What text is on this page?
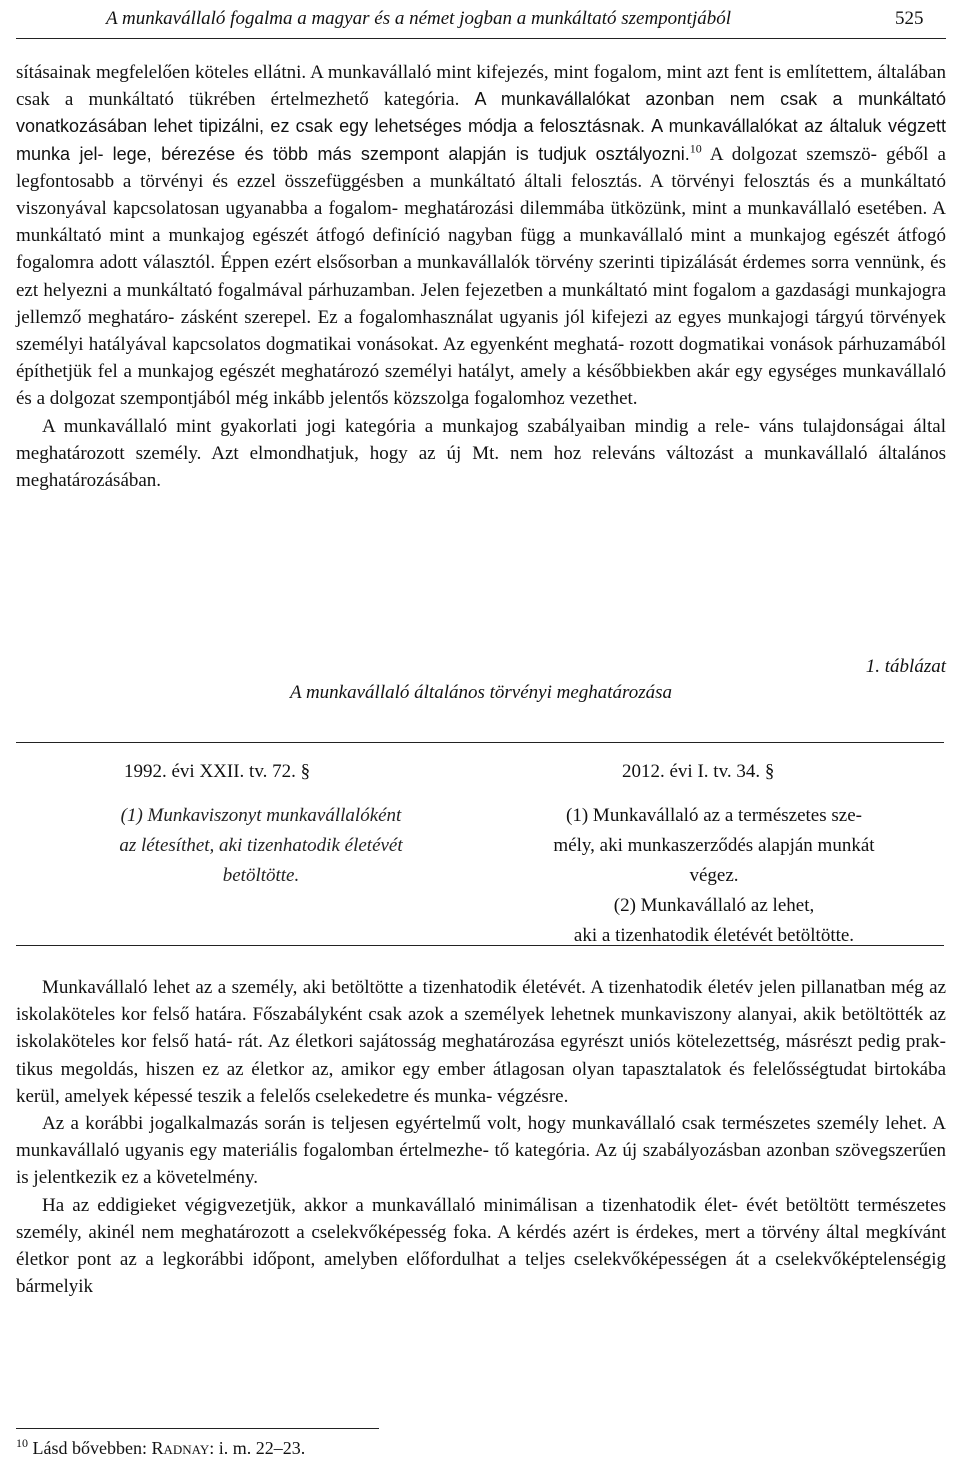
A munkavállaló fogalma a magyar és a német jogban a munkáltató szempontjából	525

sításainak megfelelően köteles ellátni. A munkavállaló mint kifejezés, mint fogalom, mint azt fent is említettem, általában csak a munkáltató tükrében értelmezhető kategória. A munkavállalókat azonban nem csak a munkáltató vonatkozásában lehet tipizálni, ez csak egy lehetséges módja a felosztásnak. A munkavállalókat az általuk végzett munka jel- lege, bérezése és több más szempont alapján is tudjuk osztályozni.$^{10}$ A dolgozat szemszö- géből a legfontosabb a törvényi és ezzel összefüggésben a munkáltató általi felosztás. A törvényi felosztás és a munkáltató viszonyával kapcsolatosan ugyanabba a fogalom- meghatározási dilemmába ütközünk, mint a munkavállaló esetében. A munkáltató mint a munkajog egészét átfogó definíció nagyban függ a munkavállaló mint a munkajog egészét átfogó fogalomra adott választól. Éppen ezért elsősorban a munkavállalók törvény szerinti tipizálását érdemes sorra vennünk, és ezt helyezni a munkáltató fogalmával párhuzamban. Jelen fejezetben a munkáltató mint fogalom a gazdasági munkajogra jellemző meghatáro- zásként szerepel. Ez a fogalomhasználat ugyanis jól kifejezi az egyes munkajogi tárgyú törvények személyi hatályával kapcsolatos dogmatikai vonásokat. Az egyenként meghatá- rozott dogmatikai vonások párhuzamából építhetjük fel a munkajog egészét meghatározó személyi hatályt, amely a későbbiekben akár egy egységes munkavállaló és a dolgozat szempontjából még inkább jelentős közszolga fogalomhoz vezethet.

A munkavállaló mint gyakorlati jogi kategória a munkajog szabályaiban mindig a rele- váns tulajdonságai által meghatározott személy. Azt elmondhatjuk, hogy az új Mt. nem hoz releváns változást a munkavállaló általános meghatározásában.

1. táblázat
A munkavállaló általános törvényi meghatározása
1992. évi XXII. tv. 72. §	2012. évi I. tv. 34. §
(1) Munkaviszonyt munkavállalóként
az létesíthet, aki tizenhatodik életévét
betöltötte.
(1) Munkavállaló az a természetes sze-
mély, aki munkaszerződés alapján munkát
végez.
(2) Munkavállaló az lehet,
aki a tizenhatodik életévét betöltötte.

Munkavállaló lehet az a személy, aki betöltötte a tizenhatodik életévét. A tizenhatodik életév jelen pillanatban még az iskolaköteles kor felső határa. Főszabályként csak azok a személyek lehetnek munkaviszony alanyai, akik betöltötték az iskolaköteles kor felső hatá- rát. Az életkori sajátosság meghatározása egyrészt uniós kötelezettség, másrészt pedig prak- tikus megoldás, hiszen ez az életkor az, amikor egy ember átlagosan olyan tapasztalatok és felelősségtudat birtokába kerül, amelyek képessé teszik a felelős cselekedetre és munka- végzésre.

Az a korábbi jogalkalmazás során is teljesen egyértelmű volt, hogy munkavállaló csak természetes személy lehet. A munkavállaló ugyanis egy materiális fogalomban értelmezhe- tő kategória. Az új szabályozásban azonban szövegszerűen is jelentkezik ez a követelmény.

Ha az eddigieket végigvezetjük, akkor a munkavállaló minimálisan a tizenhatodik élet- évét betöltött természetes személy, akinél nem meghatározott a cselekvőképesség foka. A kérdés azért is érdekes, mert a törvény által megkívánt életkor pont az a legkorábbi időpont, amelyben előfordulhat a teljes cselekvőképességen át a cselekvőképtelenségig bármelyik

$^{10}$ Lásd bővebben: Radnay: i. m. 22–23.
